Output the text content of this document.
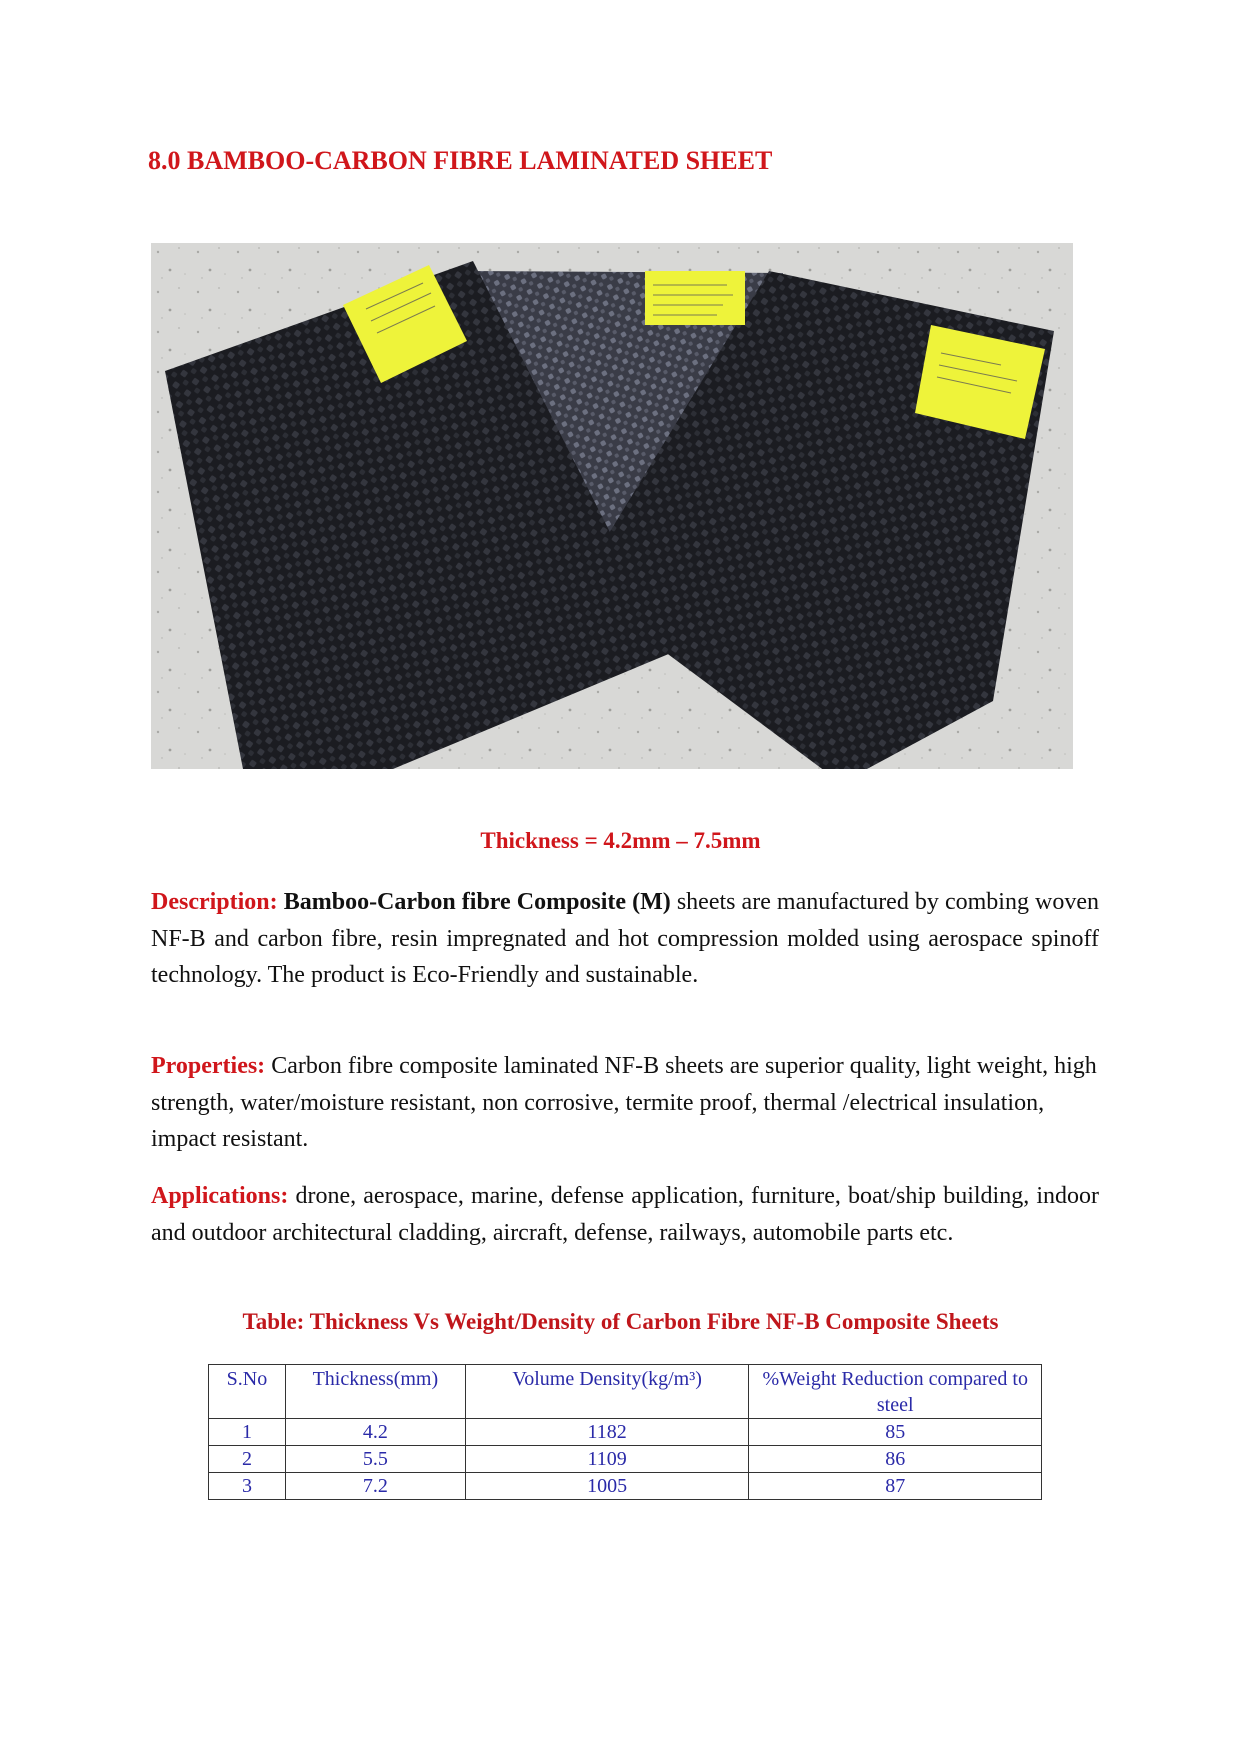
8.0 BAMBOO-CARBON FIBRE LAMINATED SHEET
Thickness = 4.2mm – 7.5mm
Description: Bamboo-Carbon fibre Composite (M) sheets are manufactured by combing woven NF-B and carbon fibre, resin impregnated and hot compression molded using aerospace spinoff technology. The product is Eco-Friendly and sustainable.
Properties: Carbon fibre composite laminated NF-B sheets are superior quality, light weight, high strength, water/moisture resistant, non corrosive, termite proof, thermal /electrical insulation, impact resistant.
Applications: drone, aerospace, marine, defense application, furniture, boat/ship building, indoor and outdoor architectural cladding, aircraft, defense, railways, automobile parts etc.
Table: Thickness Vs Weight/Density of Carbon Fibre NF-B Composite Sheets
S.No	Thickness(mm)	Volume Density(kg/m³)	%Weight Reduction compared to steel
1	4.2	1182	85
2	5.5	1109	86
3	7.2	1005	87
